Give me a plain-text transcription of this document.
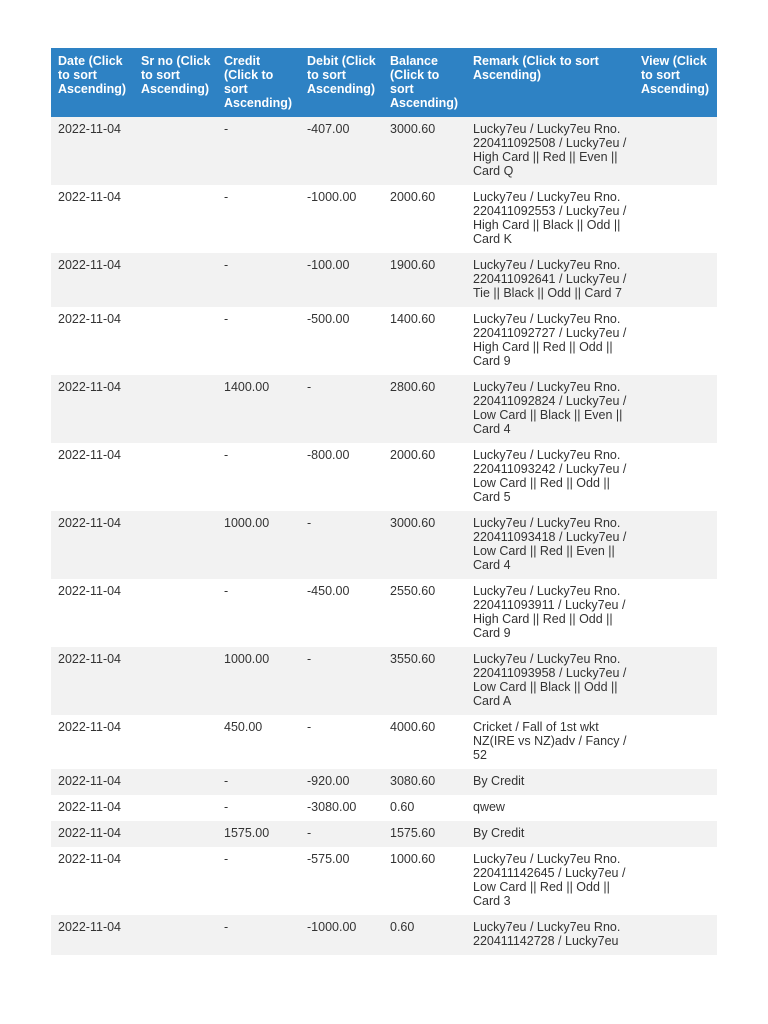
Date (Click to sort Ascending)	Sr no (Click to sort Ascending)	Credit (Click to sort Ascending)	Debit (Click to sort Ascending)	Balance (Click to sort Ascending)	Remark (Click to sort Ascending)	View (Click to sort Ascending)
2022-11-04		-	-407.00	3000.60	Lucky7eu / Lucky7eu Rno. 220411092508 / Lucky7eu / High Card || Red || Even || Card Q	
2022-11-04		-	-1000.00	2000.60	Lucky7eu / Lucky7eu Rno. 220411092553 / Lucky7eu / High Card || Black || Odd || Card K	
2022-11-04		-	-100.00	1900.60	Lucky7eu / Lucky7eu Rno. 220411092641 / Lucky7eu / Tie || Black || Odd || Card 7	
2022-11-04		-	-500.00	1400.60	Lucky7eu / Lucky7eu Rno. 220411092727 / Lucky7eu / High Card || Red || Odd || Card 9	
2022-11-04		1400.00	-	2800.60	Lucky7eu / Lucky7eu Rno. 220411092824 / Lucky7eu / Low Card || Black || Even || Card 4	
2022-11-04		-	-800.00	2000.60	Lucky7eu / Lucky7eu Rno. 220411093242 / Lucky7eu / Low Card || Red || Odd || Card 5	
2022-11-04		1000.00	-	3000.60	Lucky7eu / Lucky7eu Rno. 220411093418 / Lucky7eu / Low Card || Red || Even || Card 4	
2022-11-04		-	-450.00	2550.60	Lucky7eu / Lucky7eu Rno. 220411093911 / Lucky7eu / High Card || Red || Odd || Card 9	
2022-11-04		1000.00	-	3550.60	Lucky7eu / Lucky7eu Rno. 220411093958 / Lucky7eu / Low Card || Black || Odd || Card A	
2022-11-04		450.00	-	4000.60	Cricket / Fall of 1st wkt NZ(IRE vs NZ)adv / Fancy / 52	
2022-11-04		-	-920.00	3080.60	By Credit	
2022-11-04		-	-3080.00	0.60	qwew	
2022-11-04		1575.00	-	1575.60	By Credit	
2022-11-04		-	-575.00	1000.60	Lucky7eu / Lucky7eu Rno. 220411142645 / Lucky7eu / Low Card || Red || Odd || Card 3	
2022-11-04		-	-1000.00	0.60	Lucky7eu / Lucky7eu Rno. 220411142728 / Lucky7eu	
